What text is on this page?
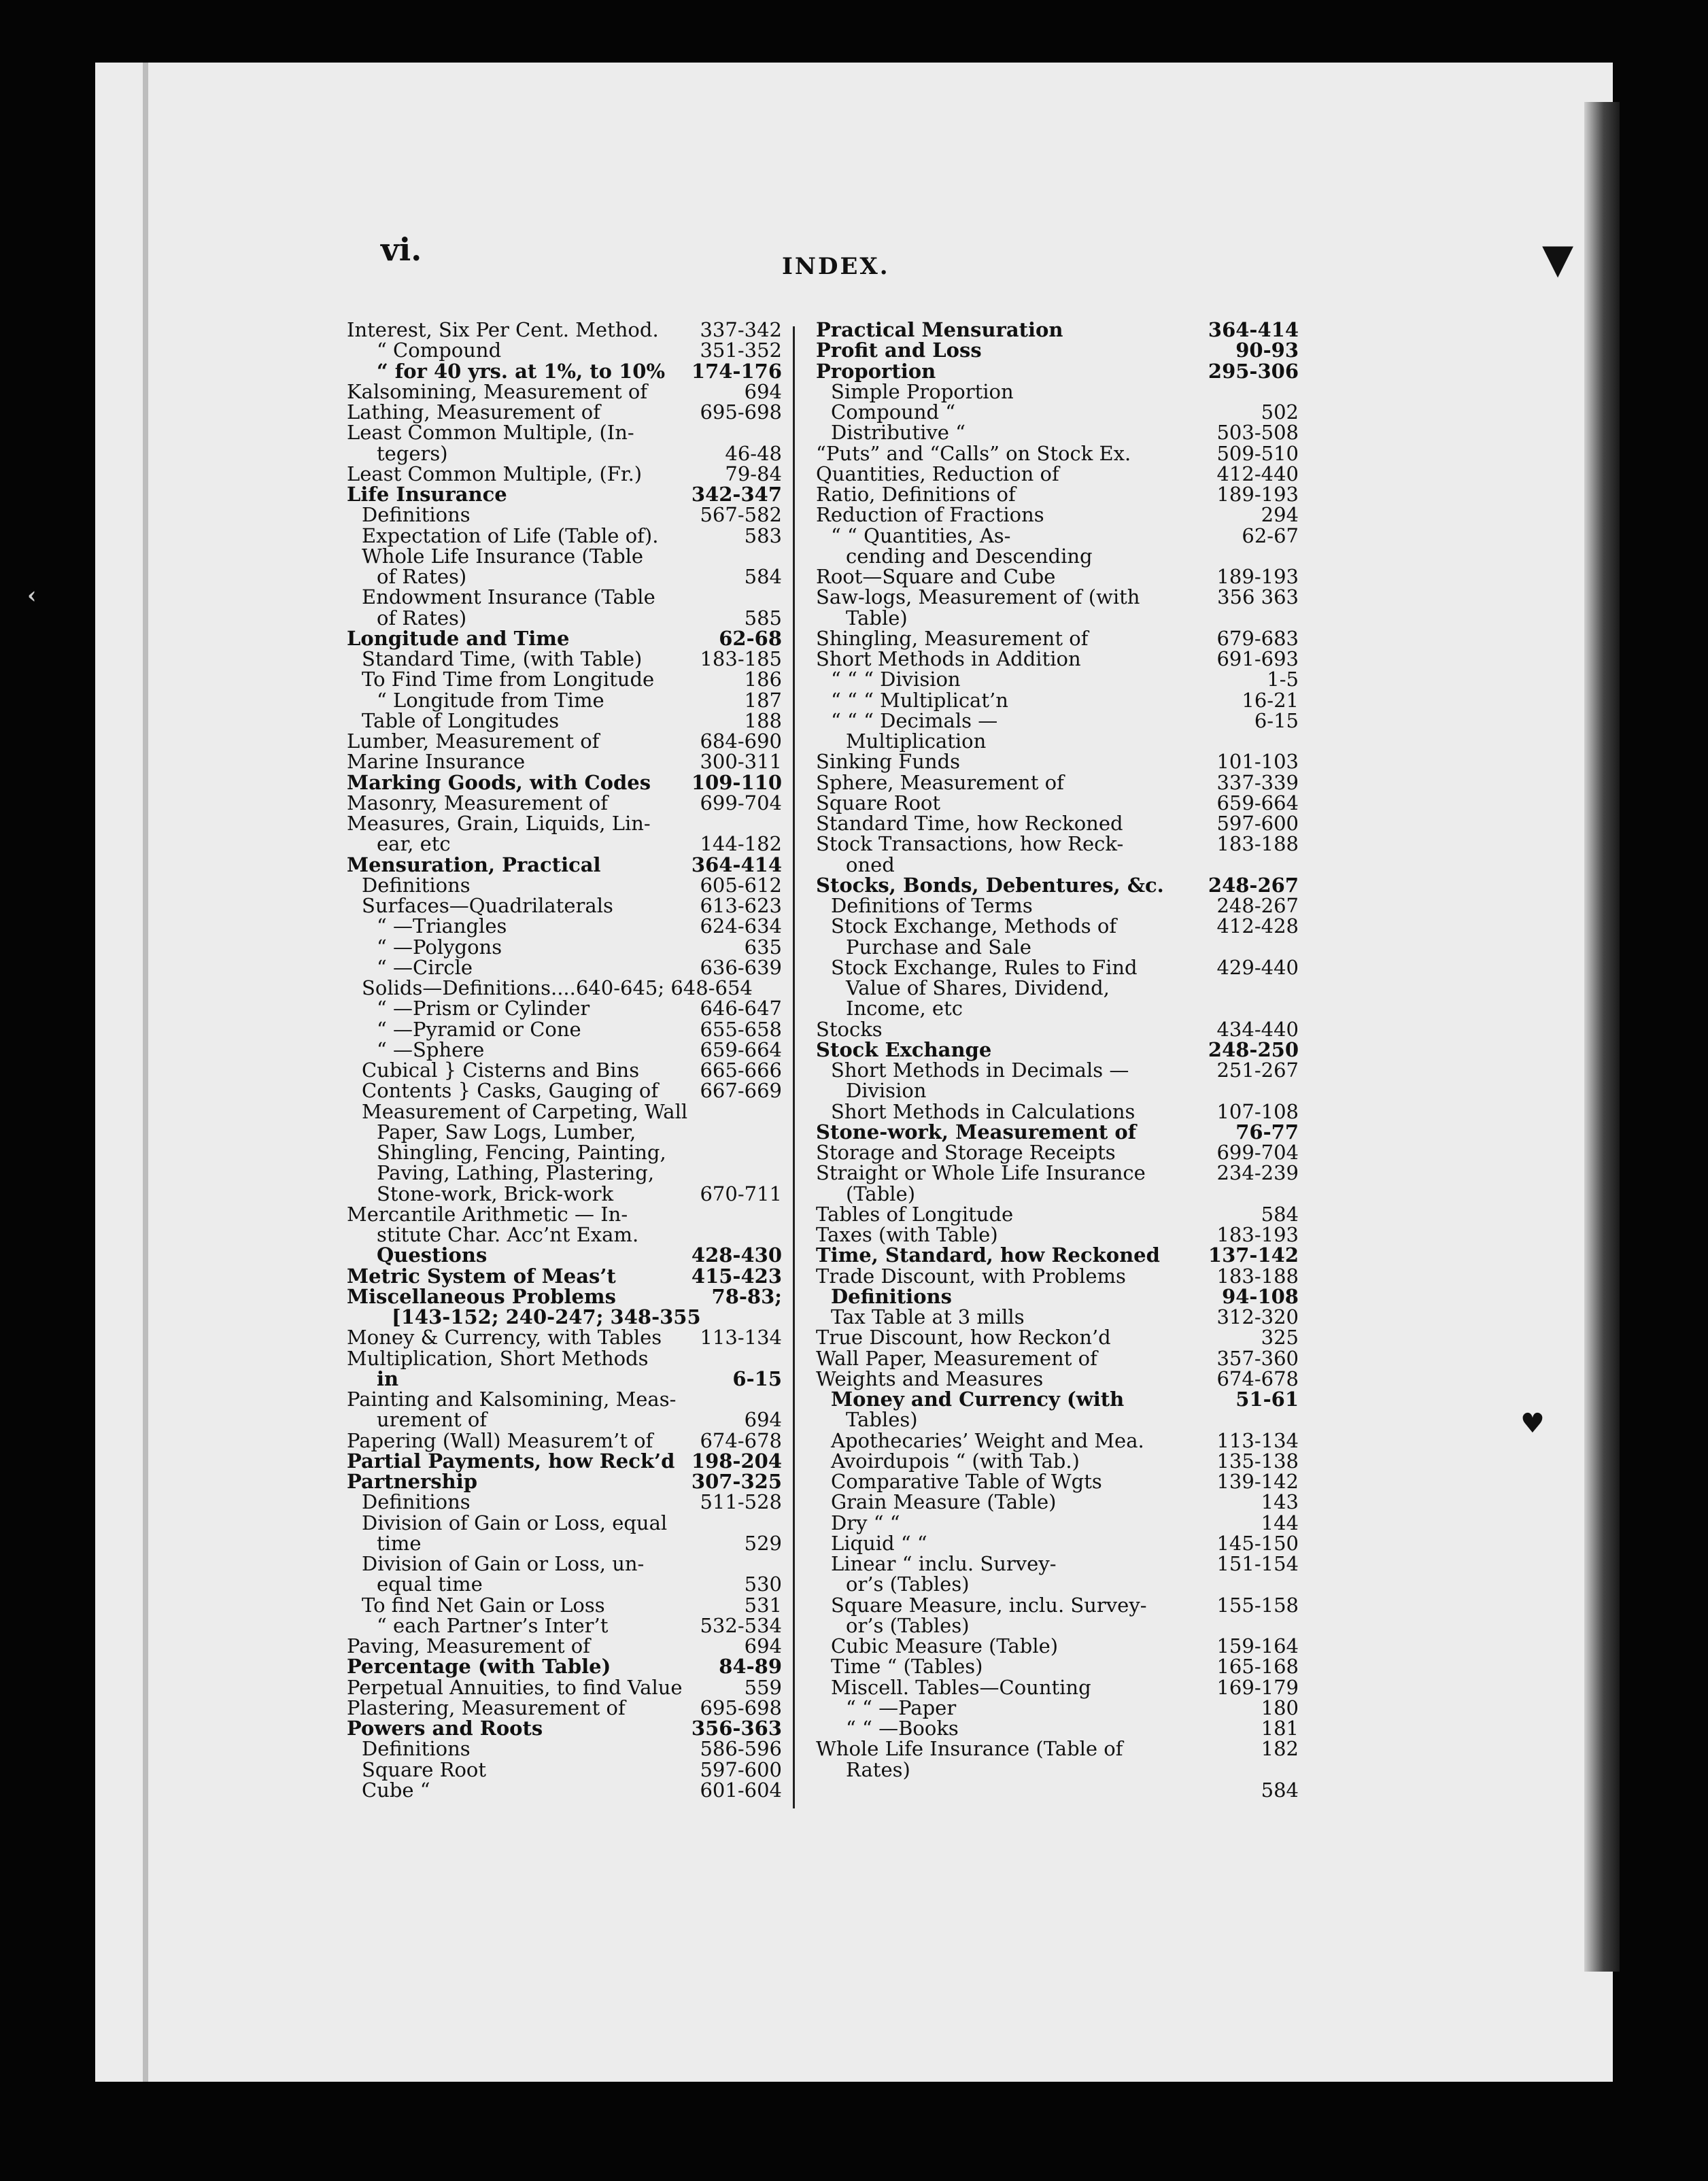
▼
♥
‹
vi.	INDEX.
Interest, Six Per Cent. Method. 337-342
“ Compound	351-352
“ for 40 yrs. at 1%, to 10% 174-176
Kalsomining, Measurement of	694
Lathing, Measurement of	695-698
Least Common Multiple, (In-
tegers)	46-48
Least Common Multiple, (Fr.)	79-84
Life Insurance	342-347
Definitions	567-582
Expectation of Life (Table of).	583
Whole Life Insurance (Table
of Rates)	584
Endowment Insurance (Table
of Rates)	585
Longitude and Time	62-68
Standard Time, (with Table)	183-185
To Find Time from Longitude	186
“ Longitude from Time	187
Table of Longitudes	188
Lumber, Measurement of	684-690
Marine Insurance	300-311
Marking Goods, with Codes 109-110
Masonry, Measurement of	699-704
Measures, Grain, Liquids, Lin-
ear, etc	144-182
Mensuration, Practical	364-414
Definitions	605-612
Surfaces—Quadrilaterals	613-623
“ —Triangles	624-634
“ —Polygons	635
“ —Circle	636-639
Solids—Definitions....640-645; 648-654
“ —Prism or Cylinder	646-647
“ —Pyramid or Cone	655-658
“ —Sphere	659-664
Cubical } Cisterns and Bins	665-666
Contents } Casks, Gauging of 667-669
Measurement of Carpeting, Wall
Paper, Saw Logs, Lumber,
Shingling, Fencing, Painting,
Paving, Lathing, Plastering,
Stone-work, Brick-work	670-711
Mercantile Arithmetic — In-
stitute Char. Acc’nt Exam.
Questions	428-430
Metric System of Meas’t	415-423
Miscellaneous Problems	78-83;
[143-152; 240-247; 348-355
Money & Currency, with Tables 113-134
Multiplication, Short Methods
in	6-15
Painting and Kalsomining, Meas-
urement of	694
Papering (Wall) Measurem’t of 674-678
Partial Payments, how Reck’d 198-204
Partnership	307-325
Definitions	511-528
Division of Gain or Loss, equal
time	529
Division of Gain or Loss, un-
equal time	530
To find Net Gain or Loss	531
“ each Partner’s Inter’t	532-534
Paving, Measurement of	694
Percentage (with Table)	84-89
Perpetual Annuities, to find Value	559
Plastering, Measurement of	695-698
Powers and Roots	356-363
Definitions	586-596
Square Root	597-600
Cube “	601-604
Practical Mensuration	364-414
Profit and Loss	90-93
Proportion	295-306
Simple Proportion
Compound “	502
Distributive “	503-508
“Puts” and “Calls” on Stock Ex.	509-510
Quantities, Reduction of	412-440
Ratio, Definitions of	189-193
Reduction of Fractions	294
“ “ Quantities, As-	62-67
cending and Descending
Root—Square and Cube	189-193
Saw-logs, Measurement of (with	356 363
Table)
Shingling, Measurement of	679-683
Short Methods in Addition	691-693
“ “ “ Division	1-5
“ “ “ Multiplicat’n	16-21
“ “ “ Decimals —	6-15
Multiplication
Sinking Funds	101-103
Sphere, Measurement of	337-339
Square Root	659-664
Standard Time, how Reckoned	597-600
Stock Transactions, how Reck-	183-188
oned
Stocks, Bonds, Debentures, &c. 248-267
Definitions of Terms	248-267
Stock Exchange, Methods of	412-428
Purchase and Sale
Stock Exchange, Rules to Find	429-440
Value of Shares, Dividend,
Income, etc
Stocks	434-440
Stock Exchange	248-250
Short Methods in Decimals —	251-267
Division
Short Methods in Calculations	107-108
Stone-work, Measurement of	76-77
Storage and Storage Receipts	699-704
Straight or Whole Life Insurance	234-239
(Table)
Tables of Longitude	584
Taxes (with Table)	183-193
Time, Standard, how Reckoned 137-142
Trade Discount, with Problems	183-188
Definitions	94-108
Tax Table at 3 mills	312-320
True Discount, how Reckon’d	325
Wall Paper, Measurement of	357-360
Weights and Measures	674-678
Money and Currency (with	51-61
Tables)
Apothecaries’ Weight and Mea.	113-134
Avoirdupois “ (with Tab.)	135-138
Comparative Table of Wgts	139-142
Grain Measure (Table)	143
Dry “ “	144
Liquid “ “	145-150
Linear “ inclu. Survey-	151-154
or’s (Tables)
Square Measure, inclu. Survey-	155-158
or’s (Tables)
Cubic Measure (Table)	159-164
Time “ (Tables)	165-168
Miscell. Tables—Counting	169-179
“ “ —Paper	180
“ “ —Books	181
Whole Life Insurance (Table of	182
Rates)
584
